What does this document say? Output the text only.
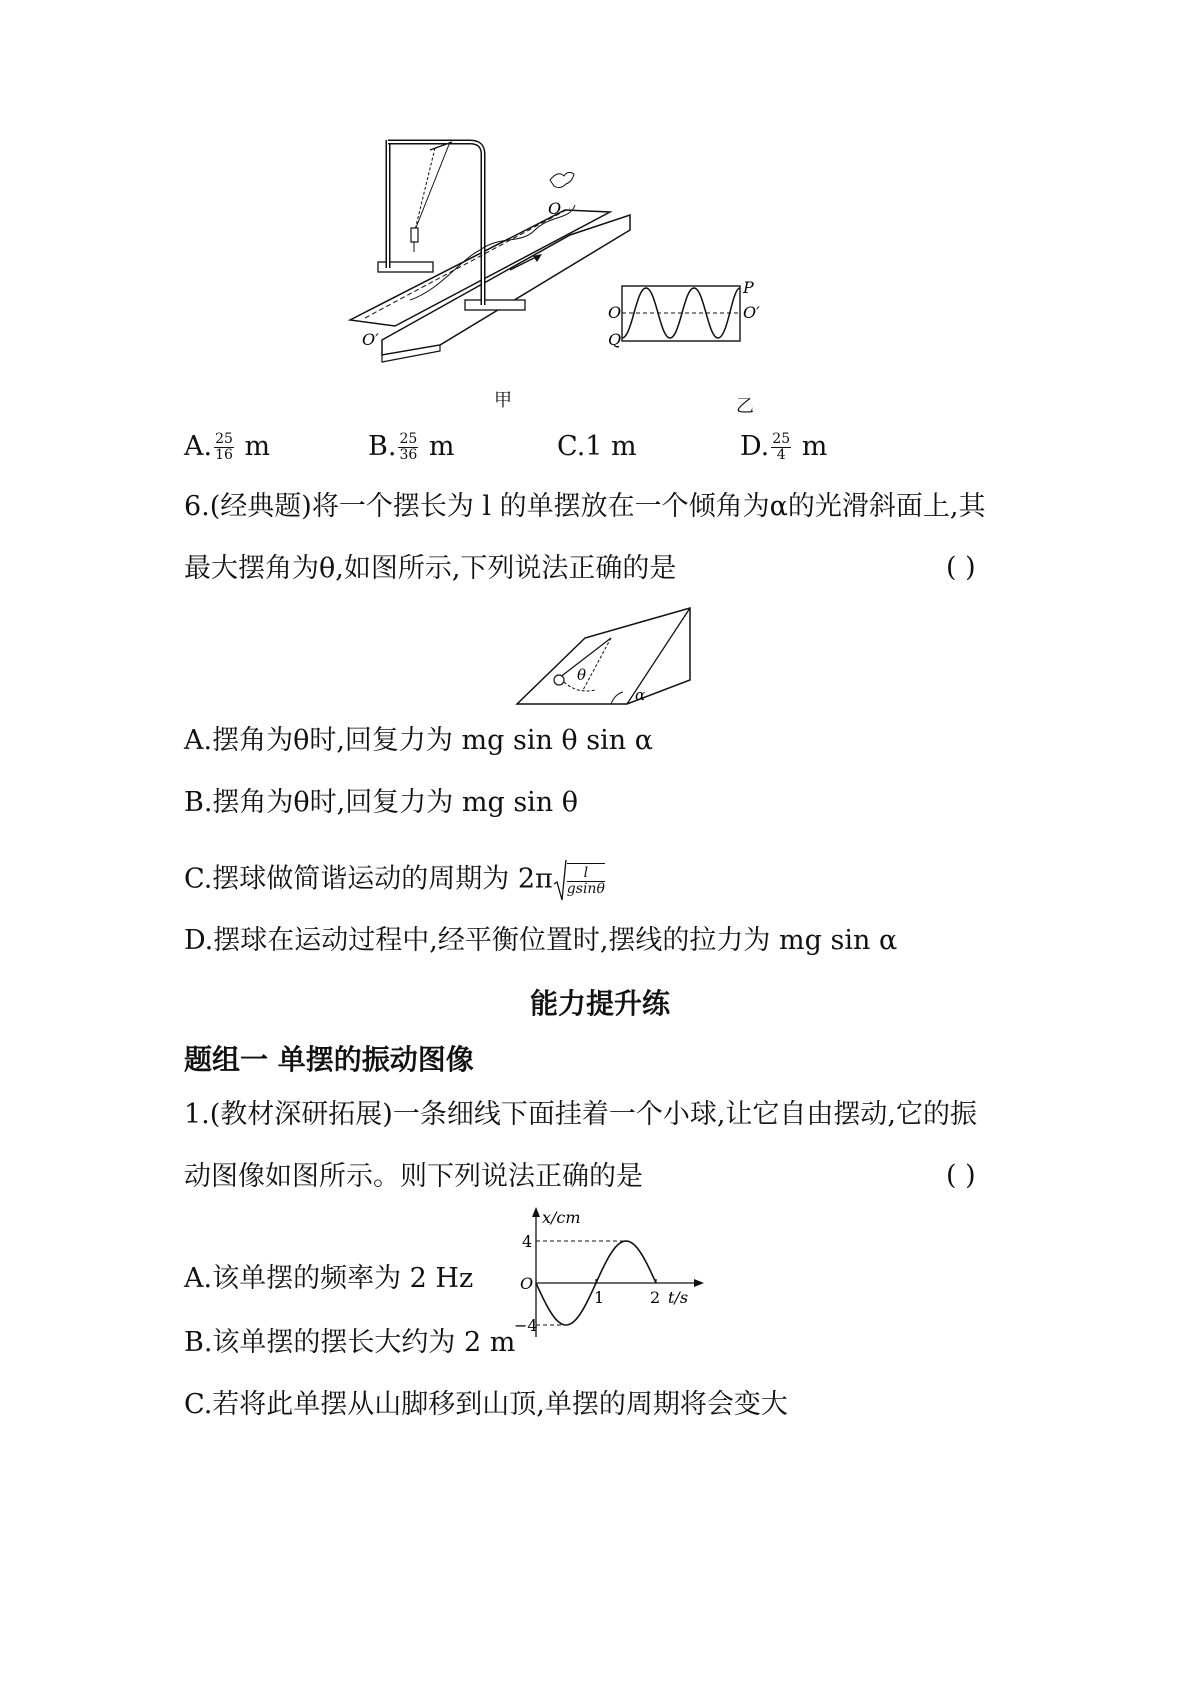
O
O′
O
Q
P
O′
甲	乙
A. $\frac{25}{16}$ m	B. $\frac{25}{36}$ m	C.1 m	D. $\frac{25}{4}$ m
6.(经典题)将一个摆长为 l 的单摆放在一个倾角为α的光滑斜面上,其
最大摆角为θ,如图所示,下列说法正确的是	( )
θ
α
A.摆角为θ时,回复力为 mg sin θ sin α
B.摆角为θ时,回复力为 mg sin θ
C.摆球做简谐运动的周期为 $2\pi \frac{l}{gsin\theta}$
D.摆球在运动过程中,经平衡位置时,摆线的拉力为 mg sin α
能力提升练
题组一 单摆的振动图像
1.(教材深研拓展)一条细线下面挂着一个小球,让它自由摆动,它的振
动图像如图所示。则下列说法正确的是	( )
x/cm
t/s
O
4
−4
1	2
A.该单摆的频率为 2 Hz
B.该单摆的摆长大约为 2 m
C.若将此单摆从山脚移到山顶,单摆的周期将会变大
